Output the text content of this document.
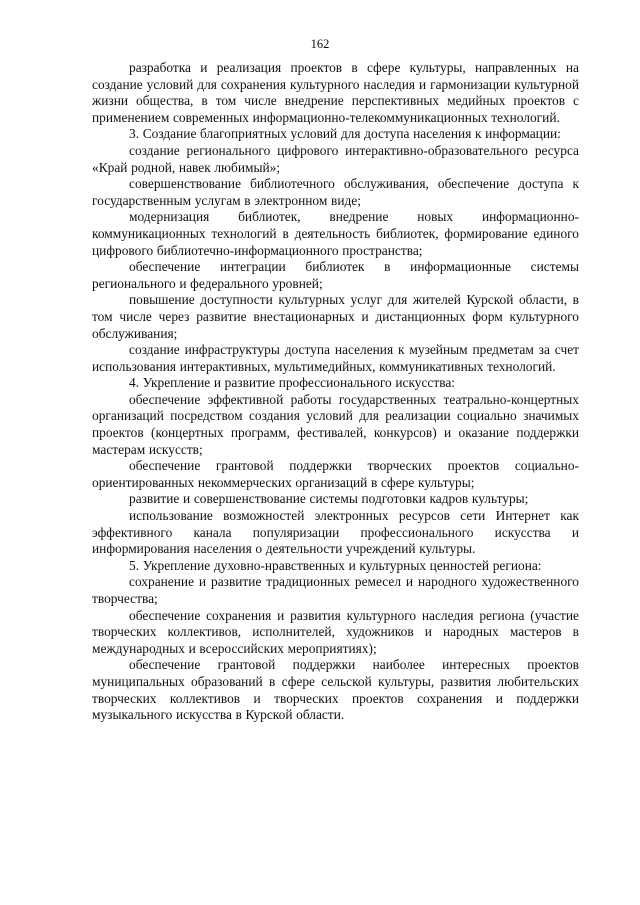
162

разработка и реализация проектов в сфере культуры, направленных на создание условий для сохранения культурного наследия и гармонизации культурной жизни общества, в том числе внедрение перспективных медийных проектов с применением современных информационно-телекоммуникационных технологий.

3. Создание благоприятных условий для доступа населения к информации:

создание регионального цифрового интерактивно-образовательного ресурса «Край родной, навек любимый»;

совершенствование библиотечного обслуживания, обеспечение доступа к государственным услугам в электронном виде;

модернизация библиотек, внедрение новых информационно-коммуникационных технологий в деятельность библиотек, формирование единого цифрового библиотечно-информационного пространства;

обеспечение интеграции библиотек в информационные системы регионального и федерального уровней;

повышение доступности культурных услуг для жителей Курской области, в том числе через развитие внестационарных и дистанционных форм культурного обслуживания;

создание инфраструктуры доступа населения к музейным предметам за счет использования интерактивных, мультимедийных, коммуникативных технологий.

4. Укрепление и развитие профессионального искусства:

обеспечение эффективной работы государственных театрально-концертных организаций посредством создания условий для реализации социально значимых проектов (концертных программ, фестивалей, конкурсов) и оказание поддержки мастерам искусств;

обеспечение грантовой поддержки творческих проектов социально-ориентированных некоммерческих организаций в сфере культуры;

развитие и совершенствование системы подготовки кадров культуры;

использование возможностей электронных ресурсов сети Интернет как эффективного канала популяризации профессионального искусства и информирования населения о деятельности учреждений культуры.

5. Укрепление духовно-нравственных и культурных ценностей региона:

сохранение и развитие традиционных ремесел и народного художественного творчества;

обеспечение сохранения и развития культурного наследия региона (участие творческих коллективов, исполнителей, художников и народных мастеров в международных и всероссийских мероприятиях);

обеспечение грантовой поддержки наиболее интересных проектов муниципальных образований в сфере сельской культуры, развития любительских творческих коллективов и творческих проектов сохранения и поддержки музыкального искусства в Курской области.
